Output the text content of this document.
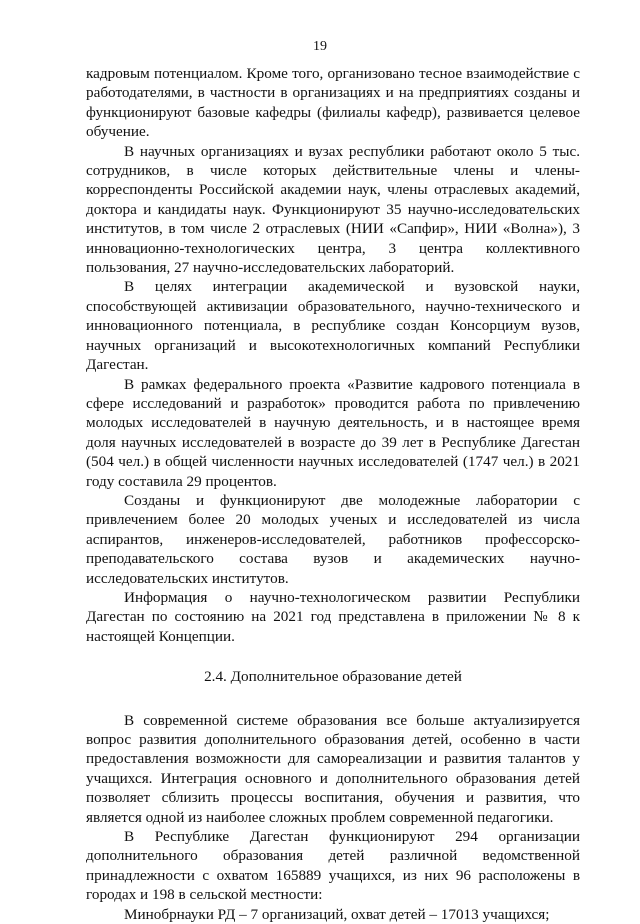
19

кадровым потенциалом. Кроме того, организовано тесное взаимодействие с работодателями, в частности в организациях и на предприятиях созданы и функционируют базовые кафедры (филиалы кафедр), развивается целевое обучение.

В научных организациях и вузах республики работают около 5 тыс. сотрудников, в числе которых действительные члены и члены-корреспонденты Российской академии наук, члены отраслевых академий, доктора и кандидаты наук. Функционируют 35 научно-исследовательских институтов, в том числе 2 отраслевых (НИИ «Сапфир», НИИ «Волна»), 3 инновационно-технологических центра, 3 центра коллективного пользования, 27 научно-исследовательских лабораторий.

В целях интеграции академической и вузовской науки, способствующей активизации образовательного, научно-технического и инновационного потенциала, в республике создан Консорциум вузов, научных организаций и высокотехнологичных компаний Республики Дагестан.

В рамках федерального проекта «Развитие кадрового потенциала в сфере исследований и разработок» проводится работа по привлечению молодых исследователей в научную деятельность, и в настоящее время доля научных исследователей в возрасте до 39 лет в Республике Дагестан (504 чел.) в общей численности научных исследователей (1747 чел.) в 2021 году составила 29 процентов.

Созданы и функционируют две молодежные лаборатории с привлечением более 20 молодых ученых и исследователей из числа аспирантов, инженеров-исследователей, работников профессорско-преподавательского состава вузов и академических научно-исследовательских институтов.

Информация о научно-технологическом развитии Республики Дагестан по состоянию на 2021 год представлена в приложении № 8 к настоящей Концепции.

2.4. Дополнительное образование детей

В современной системе образования все больше актуализируется вопрос развития дополнительного образования детей, особенно в части предоставления возможности для самореализации и развития талантов у учащихся. Интеграция основного и дополнительного образования детей позволяет сблизить процессы воспитания, обучения и развития, что является одной из наиболее сложных проблем современной педагогики.

В Республике Дагестан функционируют 294 организации дополнительного образования детей различной ведомственной принадлежности с охватом 165889 учащихся, из них 96 расположены в городах и 198 в сельской местности:

Минобрнауки РД – 7 организаций, охват детей – 17013 учащихся;
